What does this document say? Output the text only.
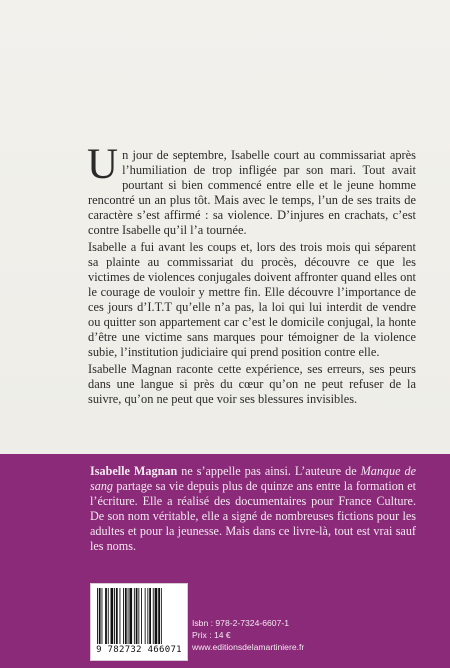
Un jour de septembre, Isabelle court au commissariat après l’humiliation de trop infligée par son mari. Tout avait pourtant si bien commencé entre elle et le jeune homme rencontré un an plus tôt. Mais avec le temps, l’un de ses traits de caractère s’est affirmé : sa violence. D’injures en crachats, c’est contre Isabelle qu’il l’a tournée.

Isabelle a fui avant les coups et, lors des trois mois qui séparent sa plainte au commissariat du procès, découvre ce que les victimes de violences conjugales doivent affronter quand elles ont le courage de vouloir y mettre fin. Elle découvre l’importance de ces jours d’I.T.T qu’elle n’a pas, la loi qui lui interdit de vendre ou quitter son appartement car c’est le domicile conjugal, la honte d’être une victime sans marques pour témoigner de la violence subie, l’institution judiciaire qui prend position contre elle.

Isabelle Magnan raconte cette expérience, ses erreurs, ses peurs dans une langue si près du cœur qu’on ne peut refuser de la suivre, qu’on ne peut que voir ses blessures invisibles.

Isabelle Magnan ne s’appelle pas ainsi. L’auteure de Manque de sang partage sa vie depuis plus de quinze ans entre la formation et l’écriture. Elle a réalisé des documentaires pour France Culture. De son nom véritable, elle a signé de nombreuses fictions pour les adultes et pour la jeunesse. Mais dans ce livre-là, tout est vrai sauf les noms.

9 782732 466071
Isbn : 978-2-7324-6607-1
Prix : 14 €
www.editionsdelamartiniere.fr
